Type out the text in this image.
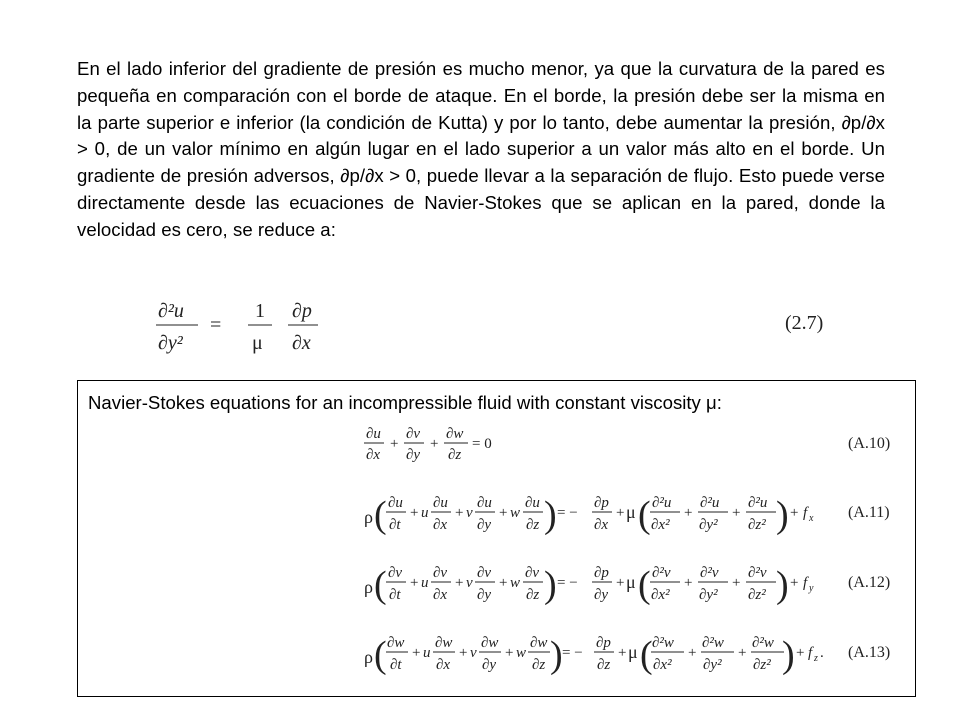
En el lado inferior del gradiente de presión es mucho menor, ya que la curvatura de la pared es pequeña en comparación con el borde de ataque. En el borde, la presión debe ser la misma en la parte superior e inferior (la condición de Kutta) y por lo tanto, debe aumentar la presión, ∂p/∂x > 0, de un valor mínimo en algún lugar en el lado superior a un valor más alto en el borde. Un gradiente de presión adversos, ∂p/∂x > 0, puede llevar a la separación de flujo. Esto puede verse directamente desde las ecuaciones de Navier-Stokes que se aplican en la pared, donde la velocidad es cero, se reduce a:

∂²u
∂y²
=
1
μ
∂p
∂x
(2.7)

Navier-Stokes equations for an incompressible fluid with constant viscosity μ:

∂u
∂x
+
∂v
∂y
+
∂w
∂z
= 0
ρ ( ∂u
∂t
+ u
∂u
∂x
+ v
∂u
∂y
+ w
∂u
∂z ) = −
∂p
∂x
+ μ ( ∂²u
∂x²
+
∂²u
∂y²
+
∂²u
∂z² ) + f x
ρ ( ∂v
∂t
+ u
∂v
∂x
+ v
∂v
∂y
+ w
∂v
∂z ) = −
∂p
∂y
+ μ ( ∂²v
∂x²
+
∂²v
∂y²
+
∂²v
∂z² ) + f y
ρ ( ∂w
∂t
+ u
∂w
∂x
+ v
∂w
∂y
+ w
∂w
∂z ) = −
∂p
∂z
+ μ ( ∂²w
∂x²
+
∂²w
∂y²
+
∂²w
∂z² ) + f z .
(A.10)
(A.11)
(A.12)
(A.13)
